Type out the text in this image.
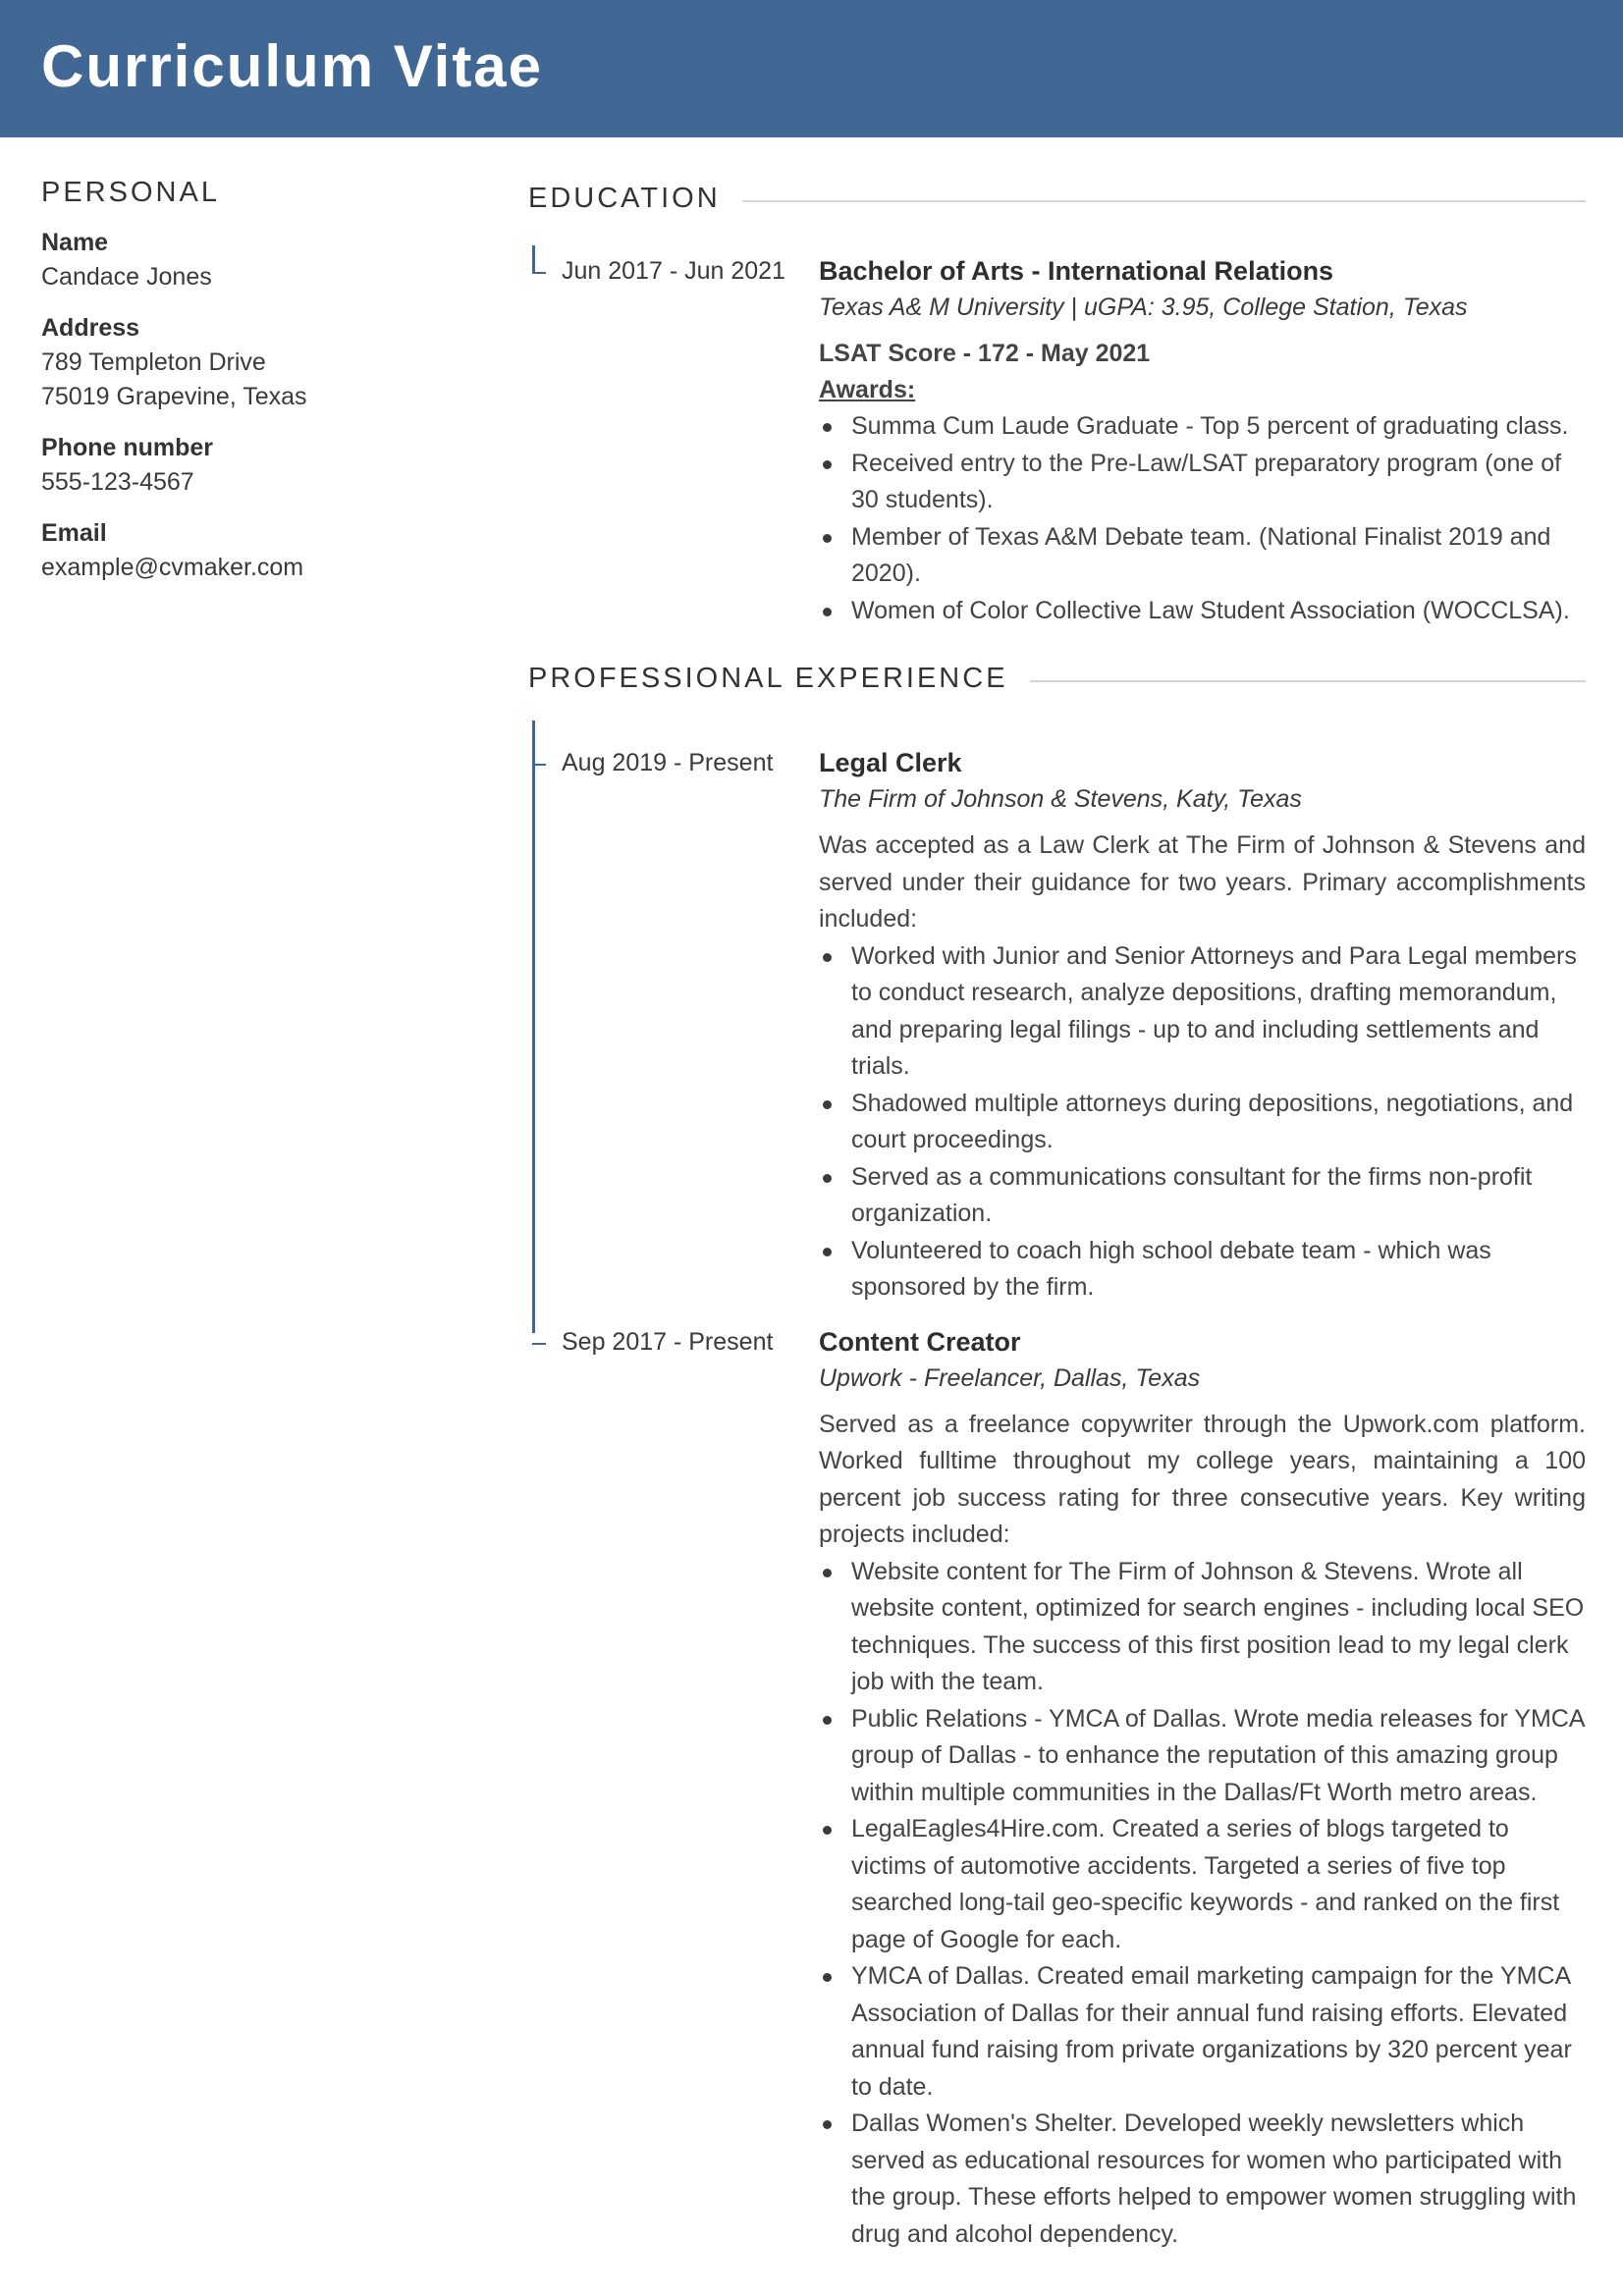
Curriculum Vitae
PERSONAL
Name
Candace Jones
Address
789 Templeton Drive
75019 Grapevine, Texas
Phone number
555-123-4567
Email
example@cvmaker.com
EDUCATION
Jun 2017 - Jun 2021	Bachelor of Arts - International Relations
Texas A& M University | uGPA: 3.95, College Station, Texas
LSAT Score - 172 - May 2021
Awards:
Summa Cum Laude Graduate - Top 5 percent of graduating class.
Received entry to the Pre-Law/LSAT preparatory program (one of 30 students).
Member of Texas A&M Debate team. (National Finalist 2019 and 2020).
Women of Color Collective Law Student Association (WOCCLSA).
PROFESSIONAL EXPERIENCE
Aug 2019 - Present	Legal Clerk
The Firm of Johnson & Stevens, Katy, Texas
Was accepted as a Law Clerk at The Firm of Johnson & Stevens and served under their guidance for two years. Primary accomplishments included:
Worked with Junior and Senior Attorneys and Para Legal members to conduct research, analyze depositions, drafting memorandum, and preparing legal filings - up to and including settlements and trials.
Shadowed multiple attorneys during depositions, negotiations, and court proceedings.
Served as a communications consultant for the firms non-profit organization.
Volunteered to coach high school debate team - which was sponsored by the firm.
Sep 2017 - Present	Content Creator
Upwork - Freelancer, Dallas, Texas
Served as a freelance copywriter through the Upwork.com platform. Worked fulltime throughout my college years, maintaining a 100 percent job success rating for three consecutive years. Key writing projects included:
Website content for The Firm of Johnson & Stevens. Wrote all website content, optimized for search engines - including local SEO techniques. The success of this first position lead to my legal clerk job with the team.
Public Relations - YMCA of Dallas. Wrote media releases for YMCA group of Dallas - to enhance the reputation of this amazing group within multiple communities in the Dallas/Ft Worth metro areas.
LegalEagles4Hire.com. Created a series of blogs targeted to victims of automotive accidents. Targeted a series of five top searched long-tail geo-specific keywords - and ranked on the first page of Google for each.
YMCA of Dallas. Created email marketing campaign for the YMCA Association of Dallas for their annual fund raising efforts. Elevated annual fund raising from private organizations by 320 percent year to date.
Dallas Women's Shelter. Developed weekly newsletters which served as educational resources for women who participated with the group. These efforts helped to empower women struggling with drug and alcohol dependency.
